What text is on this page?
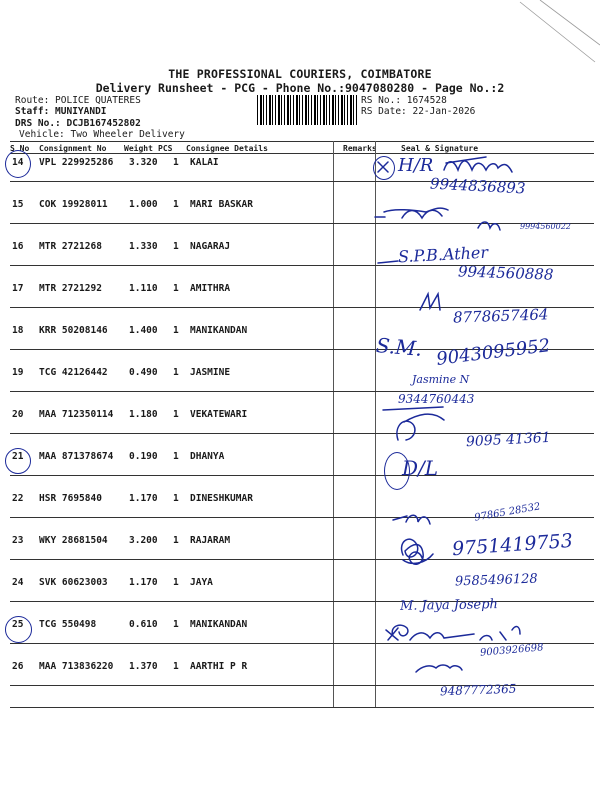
THE PROFESSIONAL COURIERS, COIMBATORE
Delivery Runsheet - PCG - Phone No.:9047080280 - Page No.:2
Route: POLICE QUATERES
Staff: MUNIYANDI
DRS No.: DCJB167452802
Vehicle: Two Wheeler Delivery
RS No.: 1674528
RS Date: 22-Jan-2026
S No Consignment No Weight PCS Consignee Details	Remarks	Seal & Signature
14 VPL 229925286 3.320 1 KALAI
15 COK 19928011 1.000 1 MARI BASKAR
16 MTR 2721268	1.330 1 NAGARAJ
17 MTR 2721292	1.110 1 AMITHRA
18 KRR 50208146 1.400 1 MANIKANDAN
19 TCG 42126442 0.490 1 JASMINE
20 MAA 712350114 1.180 1 VEKATEWARI
21 MAA 871378674 0.190 1 DHANYA
22 HSR 7695840	1.170 1 DINESHKUMAR
23 WKY 28681504 3.200 1 RAJARAM
24 SVK 60623003 1.170 1 JAYA
25 TCG 550498	0.610 1 MANIKANDAN
26 MAA 713836220 1.370 1 AARTHI P R
H/R
9944836893
9994560022
S.P.B.Ather
9944560888
8778657464
S.M. 9043095952
Jasmine N
9344760443
9095 41361
D/L
97865 28532
9751419753
9585496128
M. Jaya Joseph
9003926698
9487772365
